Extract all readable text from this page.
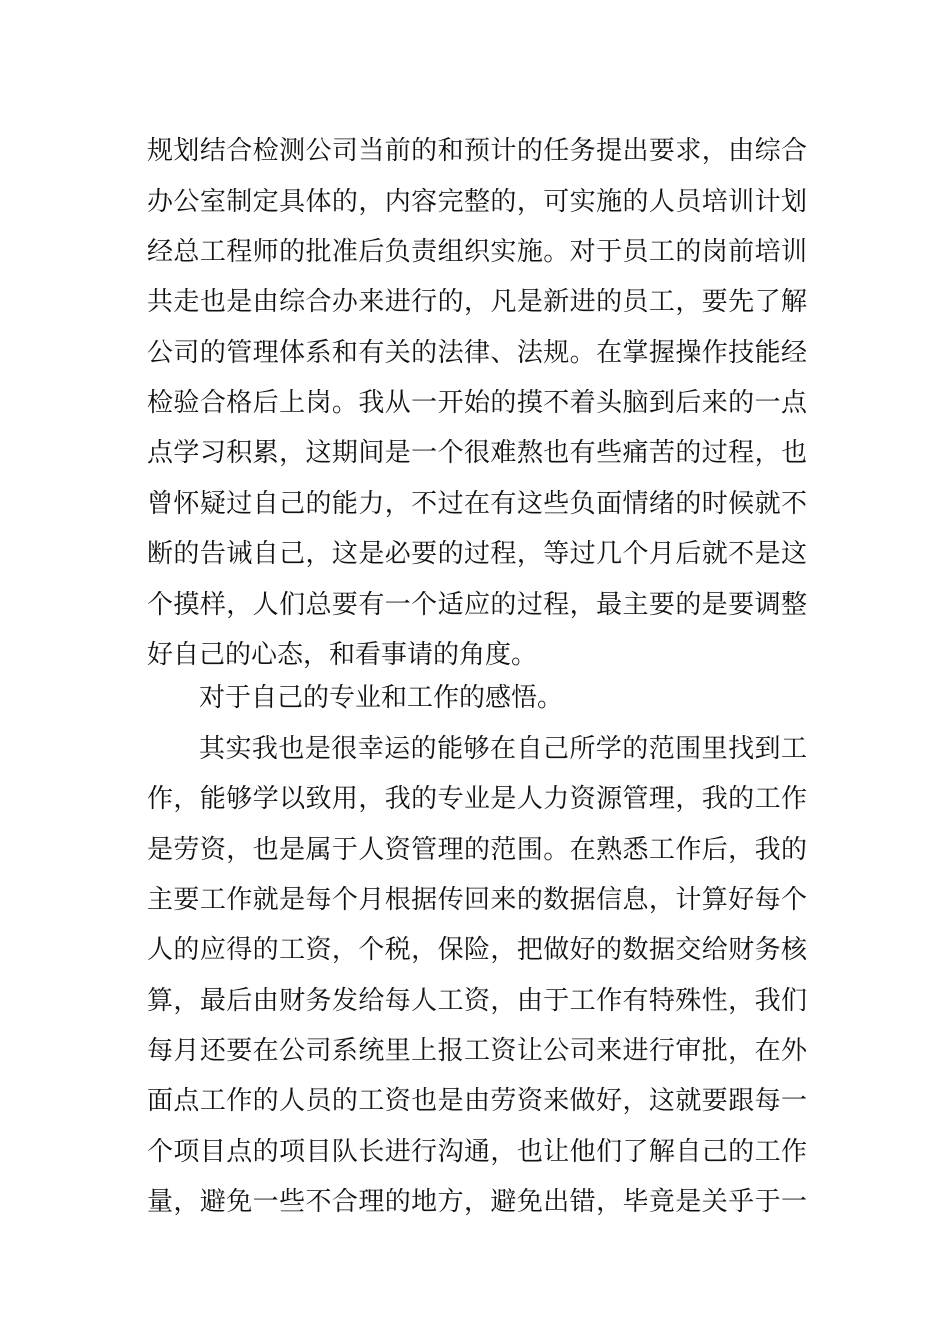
规划结合检测公司当前的和预计的任务提出要求，由综合
办公室制定具体的，内容完整的，可实施的人员培训计划
经总工程师的批准后负责组织实施。对于员工的岗前培训
共走也是由综合办来进行的，凡是新进的员工，要先了解
公司的管理体系和有关的法律、法规。在掌握操作技能经
检验合格后上岗。我从一开始的摸不着头脑到后来的一点
点学习积累，这期间是一个很难熬也有些痛苦的过程，也
曾怀疑过自己的能力，不过在有这些负面情绪的时候就不
断的告诫自己，这是必要的过程，等过几个月后就不是这
个摸样，人们总要有一个适应的过程，最主要的是要调整
好自己的心态，和看事请的角度。
对于自己的专业和工作的感悟。
其实我也是很幸运的能够在自己所学的范围里找到工
作，能够学以致用，我的专业是人力资源管理，我的工作
是劳资，也是属于人资管理的范围。在熟悉工作后，我的
主要工作就是每个月根据传回来的数据信息，计算好每个
人的应得的工资，个税，保险，把做好的数据交给财务核
算，最后由财务发给每人工资，由于工作有特殊性，我们
每月还要在公司系统里上报工资让公司来进行审批，在外
面点工作的人员的工资也是由劳资来做好，这就要跟每一
个项目点的项目队长进行沟通，也让他们了解自己的工作
量，避免一些不合理的地方，避免出错，毕竟是关乎于一
